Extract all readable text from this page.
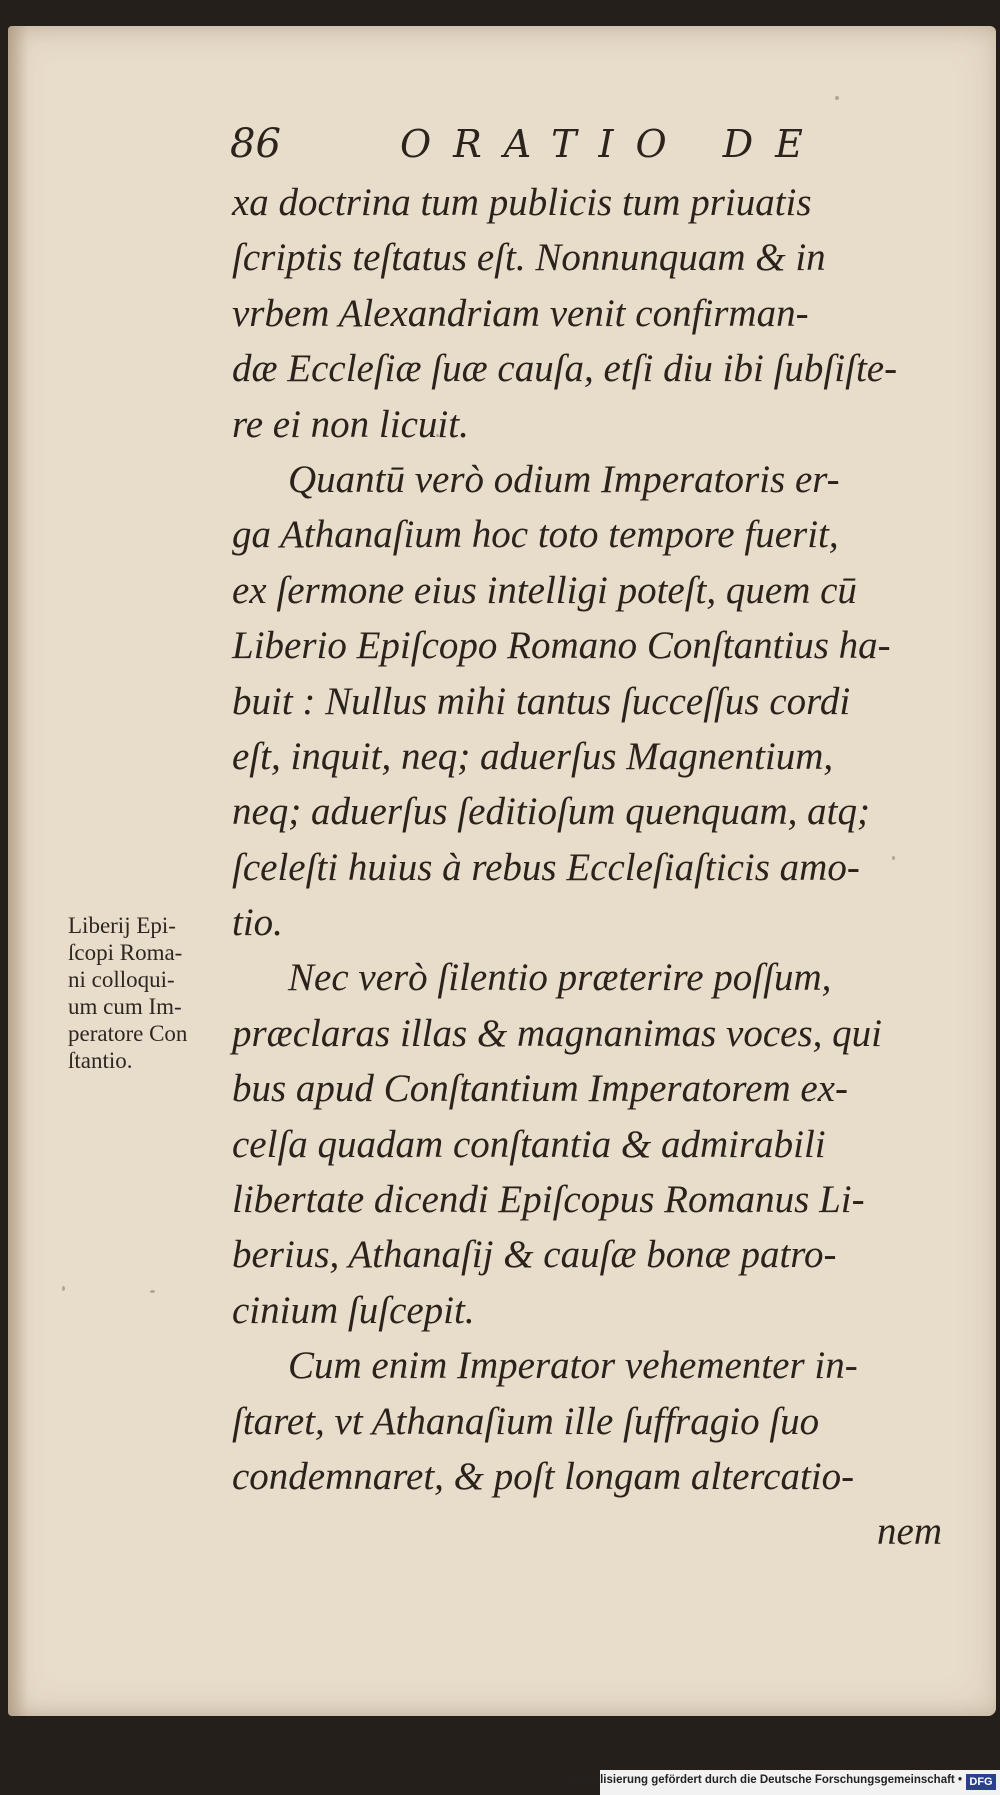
86	ORATIO DE
xa doctrina tum publicis tum priuatis
ſcriptis teſtatus eſt. Nonnunquam & in
vrbem Alexandriam venit confirman-
dæ Eccleſiæ ſuæ cauſa, etſi diu ibi ſubſiſte-
re ei non licuit.
Quantū verò odium Imperatoris er-
ga Athanaſium hoc toto tempore fuerit,
ex ſermone eius intelligi poteſt, quem cū
Liberio Epiſcopo Romano Conſtantius ha-
buit : Nullus mihi tantus ſucceſſus cordi
eſt, inquit, neq; aduerſus Magnentium,
neq; aduerſus ſeditioſum quenquam, atq;
ſceleſti huius à rebus Eccleſiaſticis amo-
tio.
Nec verò ſilentio præterire poſſum,
præclaras illas & magnanimas voces, qui
bus apud Conſtantium Imperatorem ex-
celſa quadam conſtantia & admirabili
libertate dicendi Epiſcopus Romanus Li-
berius, Athanaſij & cauſæ bonæ patro-
cinium ſuſcepit.
Cum enim Imperator vehementer in-
ſtaret, vt Athanaſium ille ſuffragio ſuo
condemnaret, & poſt longam altercatio-
nem
Liberij Epi-
ſcopi Roma-
ni colloqui-
um cum Im-
peratore Con
ſtantio.
Digitalisierung gefördert durch die Deutsche Forschungsgemeinschaft • DFG
